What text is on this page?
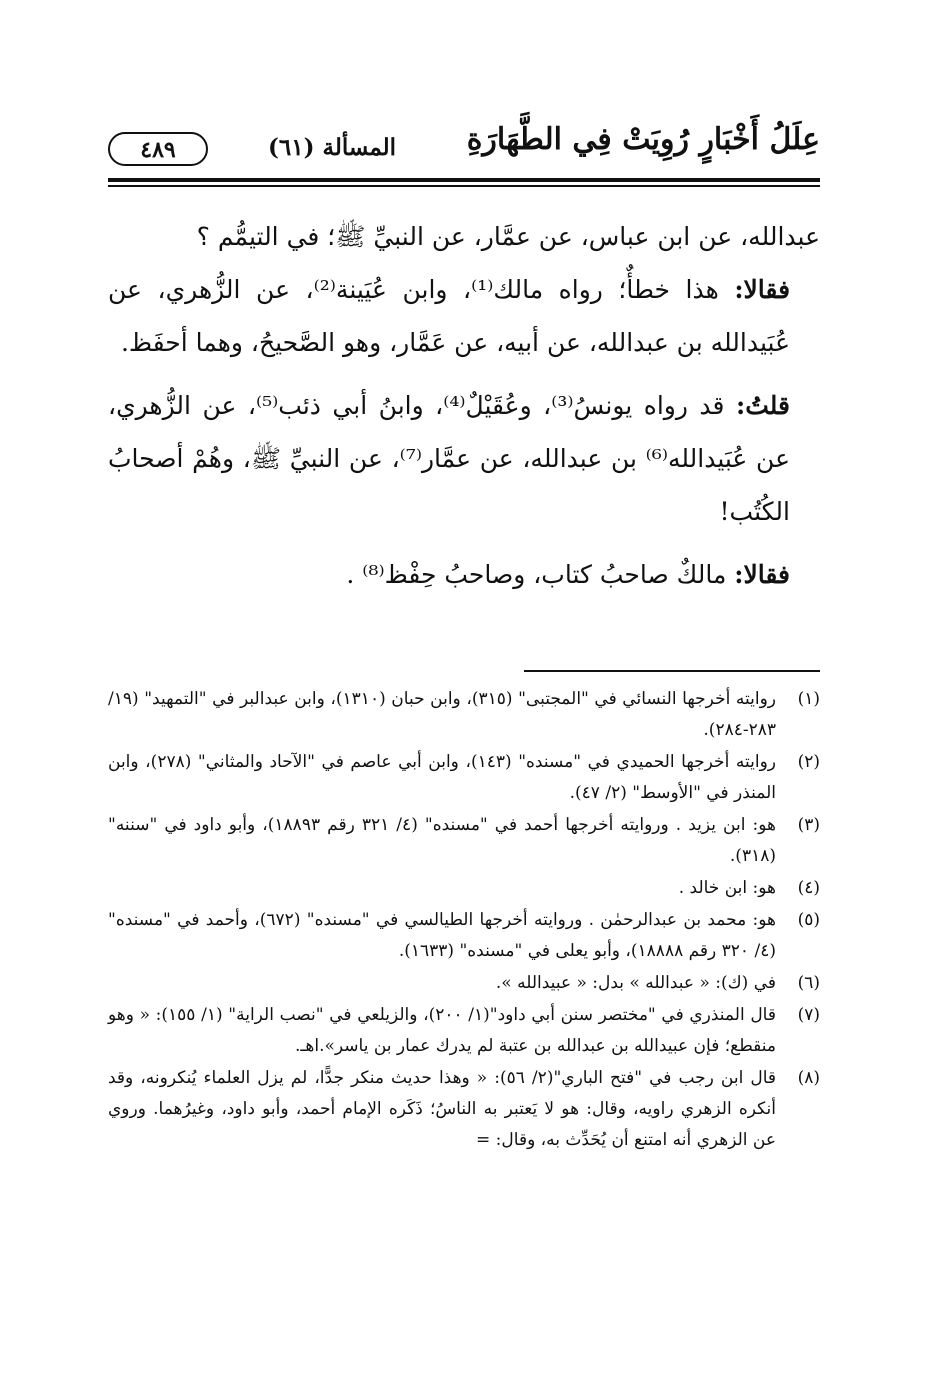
عِلَلُ أَخْبَارٍ رُوِيَتْ فِي الطَّهَارَةِ
المسألة (٦١)
٤٨٩

عبدالله، عن ابن عباس، عن عمَّار، عن النبيِّ ﷺ؛ في التيمُّم ؟

فقالا: هذا خطأٌ؛ رواه مالك⁽¹⁾، وابن عُيَينة⁽²⁾، عن الزُّهري، عن عُبَيدالله بن عبدالله، عن أبيه، عن عَمَّار، وهو الصَّحيحُ، وهما أحفَظ.

قلتُ: قد رواه يونسُ⁽³⁾، وعُقَيْلٌ⁽⁴⁾، وابنُ أبي ذئب⁽⁵⁾، عن الزُّهري، عن عُبَيدالله⁽⁶⁾ بن عبدالله، عن عمَّار⁽⁷⁾، عن النبيِّ ﷺ، وهُمْ أصحابُ الكُتُب!

فقالا: مالكٌ صاحبُ كتاب، وصاحبُ حِفْظ⁽⁸⁾ .

(١)
روايته أخرجها النسائي في "المجتبى" (٣١٥)، وابن حبان (١٣١٠)، وابن عبدالبر في "التمهيد" (١٩/ ٢٨٣-٢٨٤).

(٢)
روايته أخرجها الحميدي في "مسنده" (١٤٣)، وابن أبي عاصم في "الآحاد والمثاني" (٢٧٨)، وابن المنذر في "الأوسط" (٢/ ٤٧).

(٣)
هو: ابن يزيد . وروايته أخرجها أحمد في "مسنده" (٤/ ٣٢١ رقم ١٨٨٩٣)، وأبو داود في "سننه" (٣١٨).

(٤)
هو: ابن خالد .

(٥)
هو: محمد بن عبدالرحمٰن . وروايته أخرجها الطيالسي في "مسنده" (٦٧٢)، وأحمد في "مسنده" (٤/ ٣٢٠ رقم ١٨٨٨٨)، وأبو يعلى في "مسنده" (١٦٣٣).

(٦)
في (ك): « عبدالله » بدل: « عبيدالله ».

(٧)
قال المنذري في "مختصر سنن أبي داود"(١/ ٢٠٠)، والزيلعي في "نصب الراية" (١/ ١٥٥): « وهو منقطع؛ فإن عبيدالله بن عبدالله بن عتبة لم يدرك عمار بن ياسر».اهـ.

(٨)
قال ابن رجب في "فتح الباري"(٢/ ٥٦): « وهذا حديث منكر جدًّا، لم يزل العلماء يُنكرونه، وقد أنكره الزهري راويه، وقال: هو لا يَعتبر به الناسُ؛ ذَكَره الإمام أحمد، وأبو داود، وغيرُهما. وروي عن الزهري أنه امتنع أن يُحَدِّث به، وقال: =
